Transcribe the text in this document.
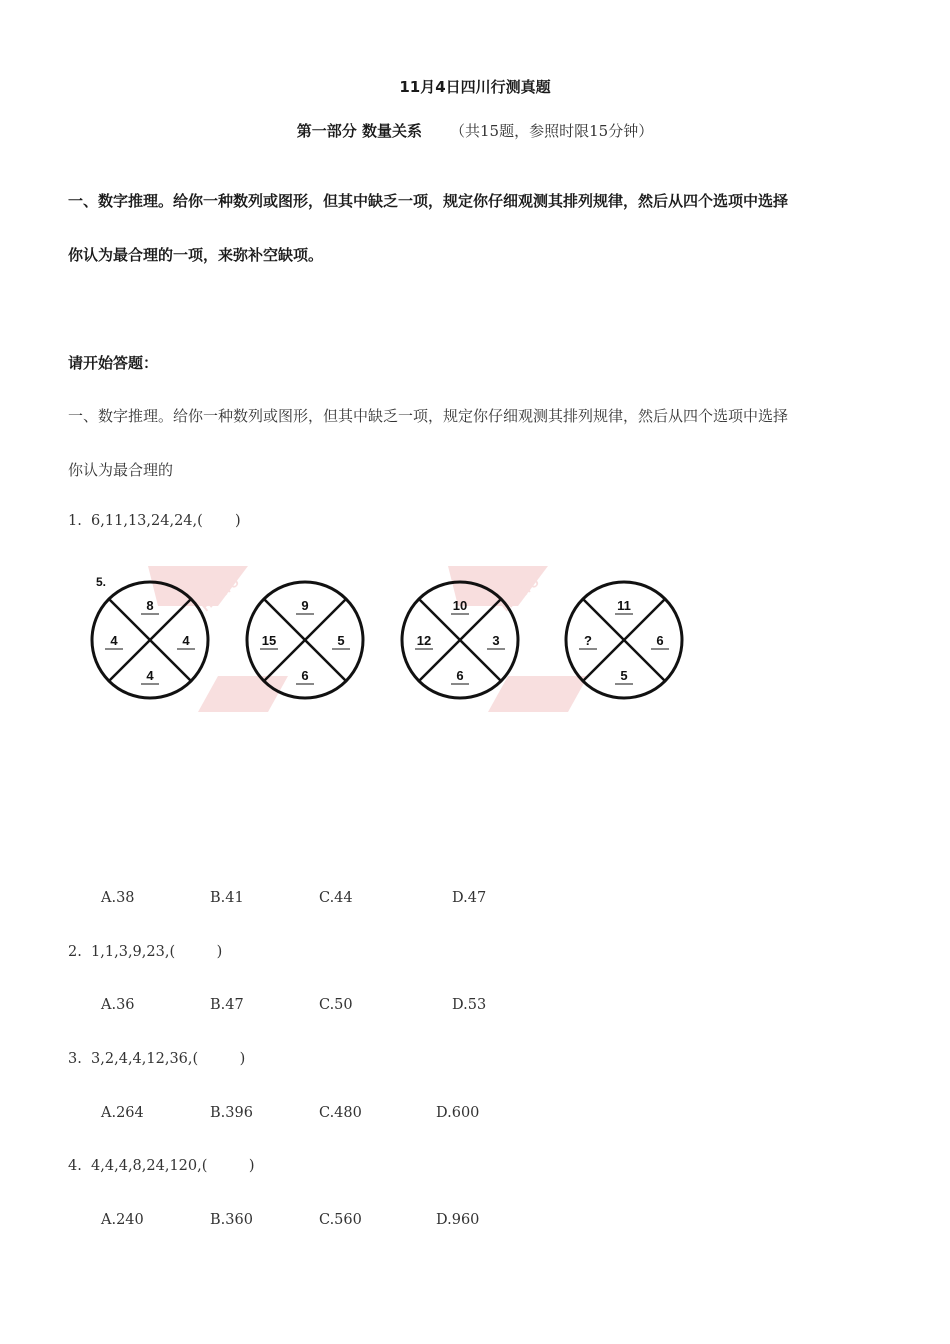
11月4日四川行测真题
第一部分 数量关系 （共15题，参照时限15分钟）
一、数字推理。给你一种数列或图形，但其中缺乏一项，规定你仔细观测其排列规律，然后从四个选项中选择
你认为最合理的一项，来弥补空缺项。
请开始答题：
一、数字推理。给你一种数列或图形，但其中缺乏一项，规定你仔细观测其排列规律，然后从四个选项中选择
你认为最合理的
1.  6,11,13,24,24,(       )
HUATU	HUATU
5.
8
4	4
4
9
15	5
6
10
12	3
6
11
?	6
5
A.38	B.41	C.44	D.47
2.  1,1,3,9,23,(         )
A.36	B.47	C.50	D.53
3.  3,2,4,4,12,36,(         )
A.264	B.396	C.480	D.600
4.  4,4,4,8,24,120,(         )
A.240	B.360	C.560	D.960
